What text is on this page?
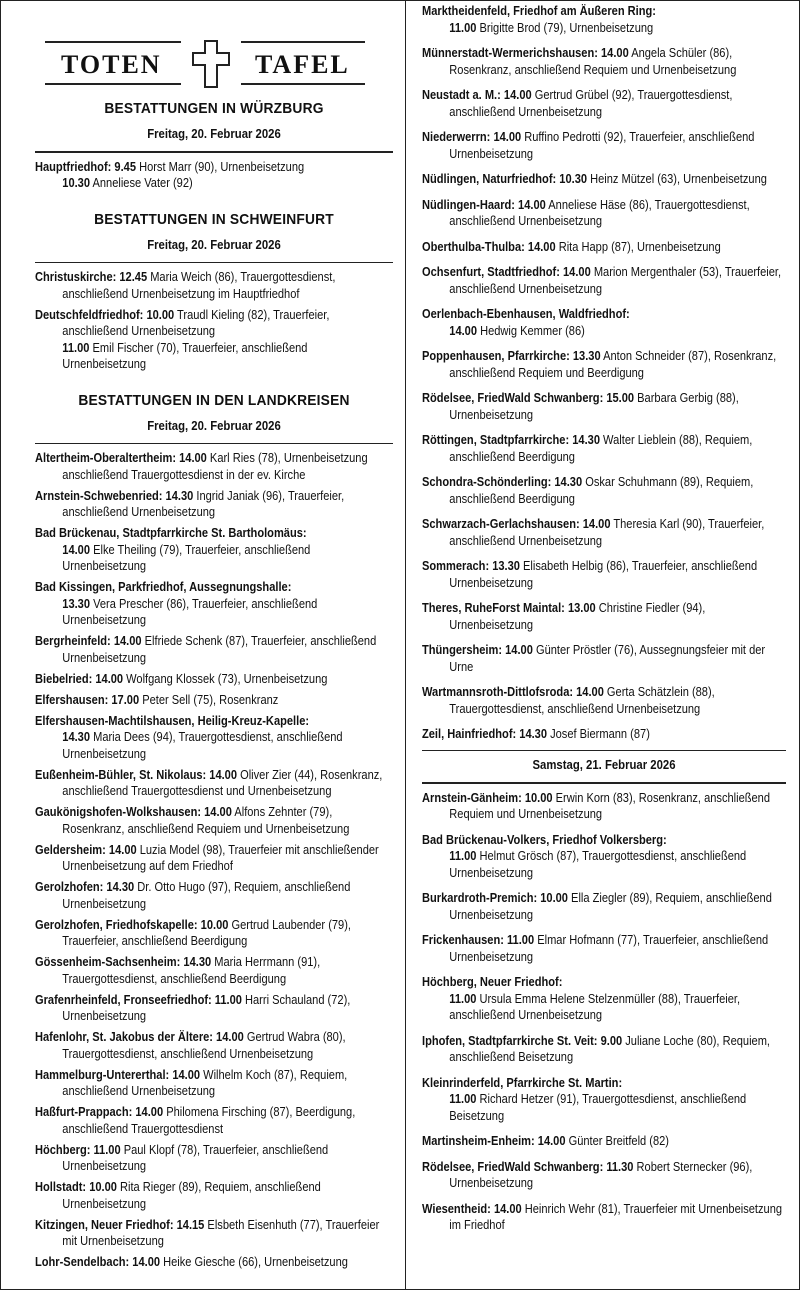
TOTEN	TAFEL
BESTATTUNGEN IN WÜRZBURG
Freitag, 20. Februar 2026
Hauptfriedhof: 9.45 Horst Marr (90), Urnenbeisetzung
10.30 Anneliese Vater (92)
BESTATTUNGEN IN SCHWEINFURT
Freitag, 20. Februar 2026
Christuskirche: 12.45 Maria Weich (86), Trauergottesdienst, anschließend Urnenbeisetzung im Hauptfriedhof
Deutschfeldfriedhof: 10.00 Traudl Kieling (82), Trauerfeier, anschließend Urnenbeisetzung
11.00 Emil Fischer (70), Trauerfeier, anschließend Urnenbeisetzung
BESTATTUNGEN IN DEN LANDKREISEN
Freitag, 20. Februar 2026
Altertheim-Oberaltertheim: 14.00 Karl Ries (78), Urnenbeisetzung anschließend Trauergottesdienst in der ev. Kirche
Arnstein-Schwebenried: 14.30 Ingrid Janiak (96), Trauerfeier, anschließend Urnenbeisetzung
Bad Brückenau, Stadtpfarrkirche St. Bartholomäus:
14.00 Elke Theiling (79), Trauerfeier, anschließend Urnenbeisetzung
Bad Kissingen, Parkfriedhof, Aussegnungshalle:
13.30 Vera Prescher (86), Trauerfeier, anschließend Urnenbeisetzung
Bergrheinfeld: 14.00 Elfriede Schenk (87), Trauerfeier, anschließend Urnenbeisetzung
Biebelried: 14.00 Wolfgang Klossek (73), Urnenbeisetzung
Elfershausen: 17.00 Peter Sell (75), Rosenkranz
Elfershausen-Machtilshausen, Heilig-Kreuz-Kapelle:
14.30 Maria Dees (94), Trauergottesdienst, anschließend Urnenbeisetzung
Eußenheim-Bühler, St. Nikolaus: 14.00 Oliver Zier (44), Rosenkranz, anschließend Trauergottesdienst und Urnenbeisetzung
Gaukönigshofen-Wolkshausen: 14.00 Alfons Zehnter (79), Rosenkranz, anschließend Requiem und Urnenbeisetzung
Geldersheim: 14.00 Luzia Model (98), Trauerfeier mit anschließender Urnenbeisetzung auf dem Friedhof
Gerolzhofen: 14.30 Dr. Otto Hugo (97), Requiem, anschließend Urnenbeisetzung
Gerolzhofen, Friedhofskapelle: 10.00 Gertrud Laubender (79), Trauerfeier, anschließend Beerdigung
Gössenheim-Sachsenheim: 14.30 Maria Herrmann (91), Trauergottesdienst, anschließend Beerdigung
Grafenrheinfeld, Fronseefriedhof: 11.00 Harri Schauland (72), Urnenbeisetzung
Hafenlohr, St. Jakobus der Ältere: 14.00 Gertrud Wabra (80), Trauergottesdienst, anschließend Urnenbeisetzung
Hammelburg-Untererthal: 14.00 Wilhelm Koch (87), Requiem, anschließend Urnenbeisetzung
Haßfurt-Prappach: 14.00 Philomena Firsching (87), Beerdigung, anschließend Trauergottesdienst
Höchberg: 11.00 Paul Klopf (78), Trauerfeier, anschließend Urnenbeisetzung
Hollstadt: 10.00 Rita Rieger (89), Requiem, anschließend Urnenbeisetzung
Kitzingen, Neuer Friedhof: 14.15 Elsbeth Eisenhuth (77), Trauerfeier mit Urnenbeisetzung
Lohr-Sendelbach: 14.00 Heike Giesche (66), Urnenbeisetzung
Marktheidenfeld, Friedhof am Äußeren Ring:
11.00 Brigitte Brod (79), Urnenbeisetzung
Münnerstadt-Wermerichshausen: 14.00 Angela Schüler (86), Rosenkranz, anschließend Requiem und Urnenbeisetzung
Neustadt a. M.: 14.00 Gertrud Grübel (92), Trauergottesdienst, anschließend Urnenbeisetzung
Niederwerrn: 14.00 Ruffino Pedrotti (92), Trauerfeier, anschließend Urnenbeisetzung
Nüdlingen, Naturfriedhof: 10.30 Heinz Mützel (63), Urnenbeisetzung
Nüdlingen-Haard: 14.00 Anneliese Häse (86), Trauergottesdienst, anschließend Urnenbeisetzung
Oberthulba-Thulba: 14.00 Rita Happ (87), Urnenbeisetzung
Ochsenfurt, Stadtfriedhof: 14.00 Marion Mergenthaler (53), Trauerfeier, anschließend Urnenbeisetzung
Oerlenbach-Ebenhausen, Waldfriedhof:
14.00 Hedwig Kemmer (86)
Poppenhausen, Pfarrkirche: 13.30 Anton Schneider (87), Rosenkranz, anschließend Requiem und Beerdigung
Rödelsee, FriedWald Schwanberg: 15.00 Barbara Gerbig (88), Urnenbeisetzung
Röttingen, Stadtpfarrkirche: 14.30 Walter Lieblein (88), Requiem, anschließend Beerdigung
Schondra-Schönderling: 14.30 Oskar Schuhmann (89), Requiem, anschließend Beerdigung
Schwarzach-Gerlachshausen: 14.00 Theresia Karl (90), Trauerfeier, anschließend Urnenbeisetzung
Sommerach: 13.30 Elisabeth Helbig (86), Trauerfeier, anschließend Urnenbeisetzung
Theres, RuheForst Maintal: 13.00 Christine Fiedler (94), Urnenbeisetzung
Thüngersheim: 14.00 Günter Pröstler (76), Aussegnungsfeier mit der Urne
Wartmannsroth-Dittlofsroda: 14.00 Gerta Schätzlein (88), Trauergottesdienst, anschließend Urnenbeisetzung
Zeil, Hainfriedhof: 14.30 Josef Biermann (87)
Samstag, 21. Februar 2026
Arnstein-Gänheim: 10.00 Erwin Korn (83), Rosenkranz, anschließend Requiem und Urnenbeisetzung
Bad Brückenau-Volkers, Friedhof Volkersberg:
11.00 Helmut Grösch (87), Trauergottesdienst, anschließend Urnenbeisetzung
Burkardroth-Premich: 10.00 Ella Ziegler (89), Requiem, anschließend Urnenbeisetzung
Frickenhausen: 11.00 Elmar Hofmann (77), Trauerfeier, anschließend Urnenbeisetzung
Höchberg, Neuer Friedhof:
11.00 Ursula Emma Helene Stelzenmüller (88), Trauerfeier, anschließend Urnenbeisetzung
Iphofen, Stadtpfarrkirche St. Veit: 9.00 Juliane Loche (80), Requiem, anschließend Beisetzung
Kleinrinderfeld, Pfarrkirche St. Martin:
11.00 Richard Hetzer (91), Trauergottesdienst, anschließend Beisetzung
Martinsheim-Enheim: 14.00 Günter Breitfeld (82)
Rödelsee, FriedWald Schwanberg: 11.30 Robert Sternecker (96), Urnenbeisetzung
Wiesentheid: 14.00 Heinrich Wehr (81), Trauerfeier mit Urnenbeisetzung im Friedhof
